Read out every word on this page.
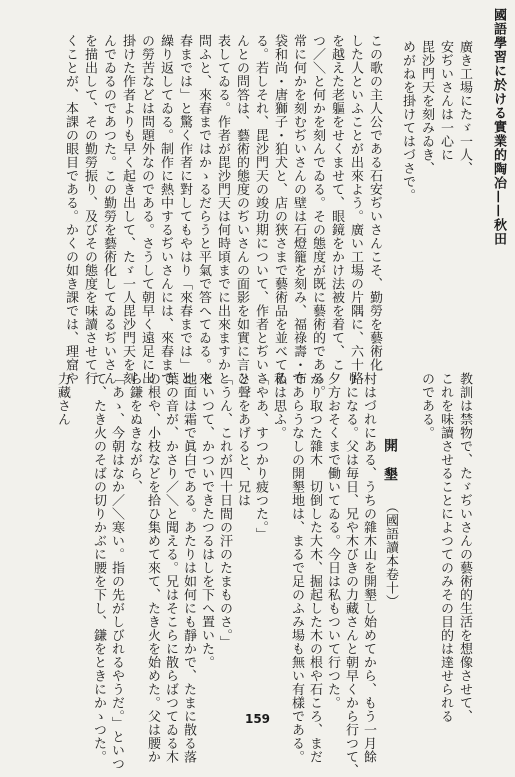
國語學習に於ける實業的陶冶——秋田
廣き工場にたゞ一人、
安ぢいさんは一心に
毘沙門天を刻みゐき、
めがねを掛けてはづさで。
この歌の主人公である石安ぢいさんこそ、勤勞を藝術化
した人といふことが出來よう。廣い工場の片隅に、六十路
を越えた老軀をせくませて、眼鏡をかけ法被を着て、こ
つ／＼と何かを刻んでゐる。その態度が既に藝術的である。
常に何かを刻むぢいさんの壁は石燈籠を刻み、福祿壽・布
袋和尚・唐獅子・狛犬と、店の狹さまで藝術品を並べてゐ
る。若しそれ、毘沙門天の竣功期について、作者とぢいさ
んとの問答は、藝術的態度のぢいさんの面影を如實に言ひ
表してゐる。作者が毘沙門天は何時頃までに出來ますかと
問ふと、來春まではかゝるだらうと平氣で答へてゐる。來
春までは」と驚く作者に對してもやはり「來春までは」と
繰り返してゐる。制作に熱中するぢいさんには、來春まで
の勞苦などは問題外なのである。さうして朝早く遠足に出
掛けた作者よりも早く起き出して、たゞ一人毘沙門天を刻
んでゐるのであつた。この勤勞を藝術化してゐるぢいさん
を描出して、その勤勞振り、及びその態度を味讀させて行
くことが、本課の眼目である。かくの如き課では、理窟や
教訓は禁物で、たゞぢいさんの藝術的生活を想像させて、
これを味讀させることによつてのみその目的は達せられる
のである。
開　墾
（國語讀本卷十）
村はづれにある、うちの雜木山を開墾し始めてから、もう一月餘
りになる。父は毎日、兄や木びきの力藏さんと朝早くから行つて、
夕方おそくまで働いてゐる。今日は私もついて行つた。
かり取つた雜木　切倒した大木、掘起した木の根や石ころ、まだ
であらうなしの開墾地は、まるで足のふみ場も無い有樣である。
私は思ふ。
「やあ、すつかり疲つた。」
と聲をあげると、兄は
「うん、これが四十日間の汗のたまものさ。」
といつて、かついできたつるはしを下へ置いた。
地面は霜で眞白である。あたりは如何にも靜かで、たまに散る落
葉の音が、かさり／＼と聞える。兄はそこらに散らばつてゐる木
の根や、小枝などを拾ひ集めて來て、たき火を始めた。父は腰か
ら鎌をぬきながら、
「あゝ、今朝はなか／＼寒い。指の先がしびれるやうだ。」といつ
て、たき火のそばの切りかぶに腰を下し、鎌をときにかゝつた。
力藏さん
159
